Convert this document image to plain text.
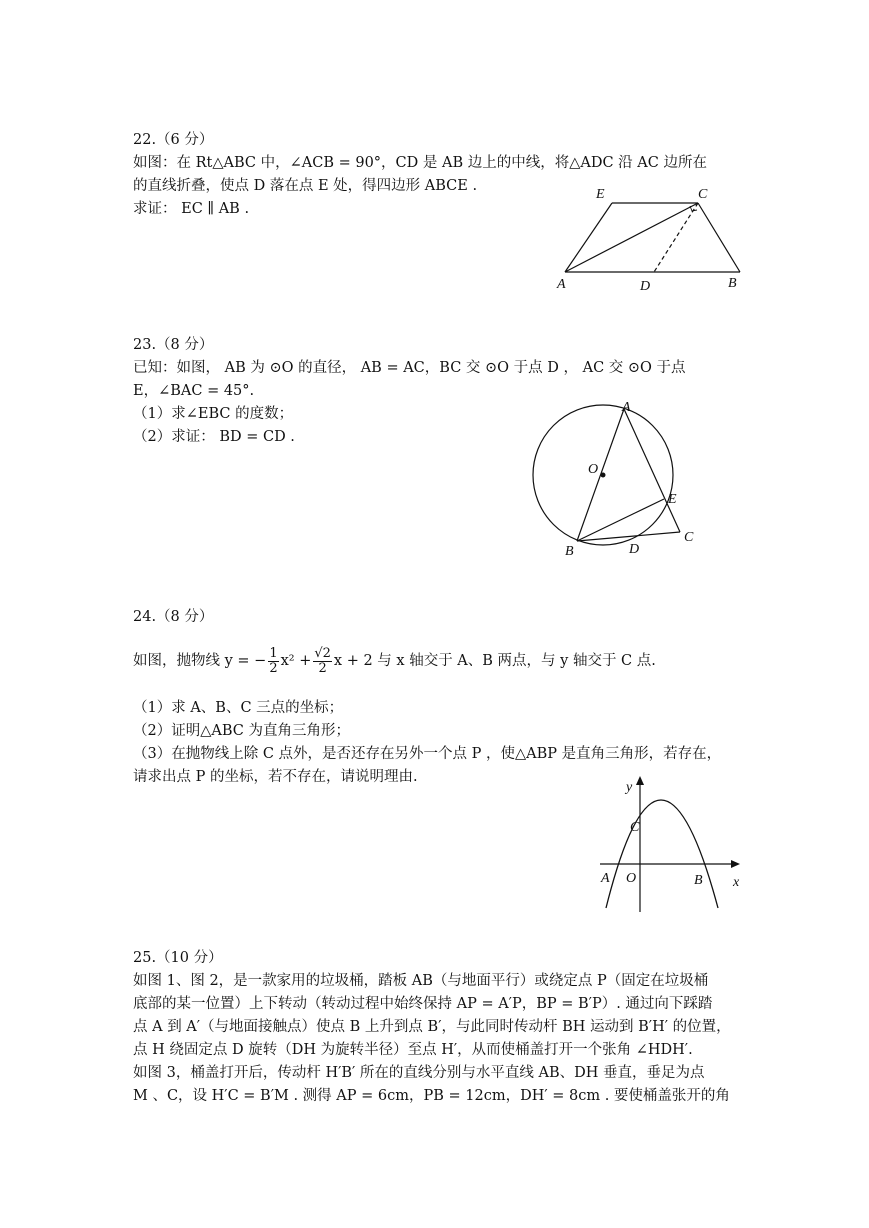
22.（6 分）
如图：在 Rt△ABC 中，∠ACB = 90°，CD 是 AB 边上的中线，将△ADC 沿 AC 边所在
的直线折叠，使点 D 落在点 E 处，得四边形 ABCE .
求证： EC ∥ AB .
E	C
A	D	B
23.（8 分）
已知：如图， AB 为 ⊙O 的直径， AB = AC，BC 交 ⊙O 于点 D ， AC 交 ⊙O 于点
E，∠BAC = 45°.
（1）求∠EBC 的度数；
（2）求证： BD = CD .
A
O
E
C
B	D
24.（8 分）
如图，抛物线 y = − $\frac{1}{2} x^2 + \frac{√2}{2}$ x + 2 与 x 轴交于 A、B 两点，与 y 轴交于 C 点.
（1）求 A、B、C 三点的坐标；
（2）证明△ABC 为直角三角形；
（3）在抛物线上除 C 点外，是否还存在另外一个点 P ，使△ABP 是直角三角形，若存在，
请求出点 P 的坐标，若不存在，请说明理由.
y
x
C
A O	B
25.（10 分）
如图 1、图 2，是一款家用的垃圾桶，踏板 AB（与地面平行）或绕定点 P（固定在垃圾桶
底部的某一位置）上下转动（转动过程中始终保持 AP = A′P，BP = B′P）. 通过向下踩踏
点 A 到 A′（与地面接触点）使点 B 上升到点 B′，与此同时传动杆 BH 运动到 B′H′ 的位置，
点 H 绕固定点 D 旋转（DH 为旋转半径）至点 H′，从而使桶盖打开一个张角 ∠HDH′.
如图 3，桶盖打开后，传动杆 H′B′ 所在的直线分别与水平直线 AB、DH 垂直，垂足为点
M 、C，设 H′C = B′M . 测得 AP = 6cm，PB = 12cm，DH′ = 8cm . 要使桶盖张开的角
